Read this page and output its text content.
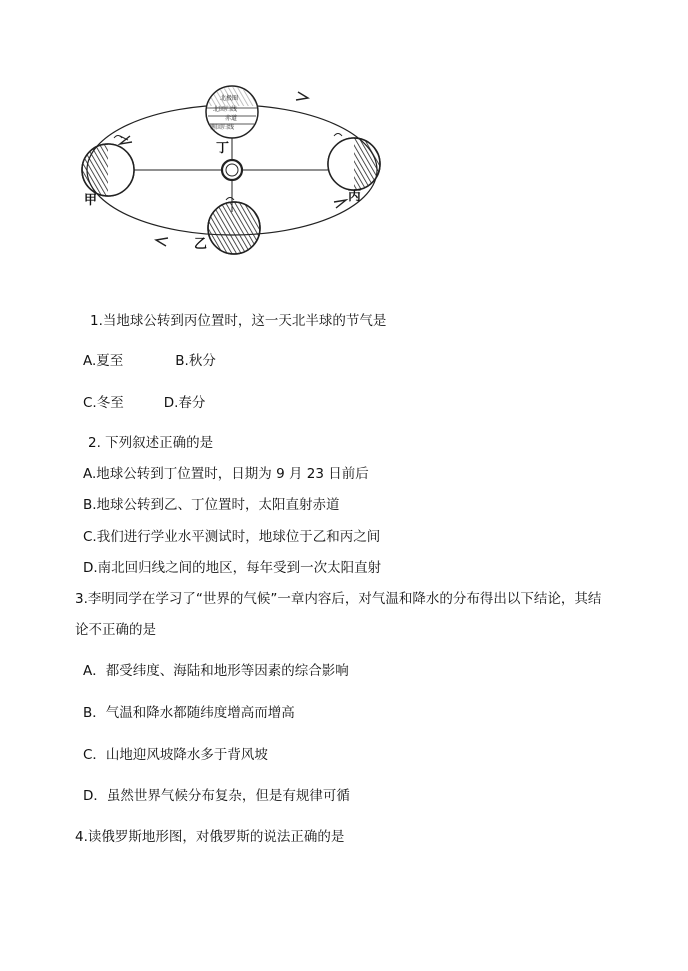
北极圈
北回归线
赤道
南回归线
丁
甲	丙
乙
1.当地球公转到丙位置时，这一天北半球的节气是
A.夏至	B.秋分
C.冬至	D.春分
2. 下列叙述正确的是
A.地球公转到丁位置时，日期为 9 月 23 日前后
B.地球公转到乙、丁位置时，太阳直射赤道
C.我们进行学业水平测试时，地球位于乙和丙之间
D.南北回归线之间的地区，每年受到一次太阳直射
3.李明同学在学习了“世界的气候”一章内容后，对气温和降水的分布得出以下结论，其结
论不正确的是
A．都受纬度、海陆和地形等因素的综合影响
B．气温和降水都随纬度增高而增高
C．山地迎风坡降水多于背风坡
D．虽然世界气候分布复杂，但是有规律可循
4.读俄罗斯地形图，对俄罗斯的说法正确的是
